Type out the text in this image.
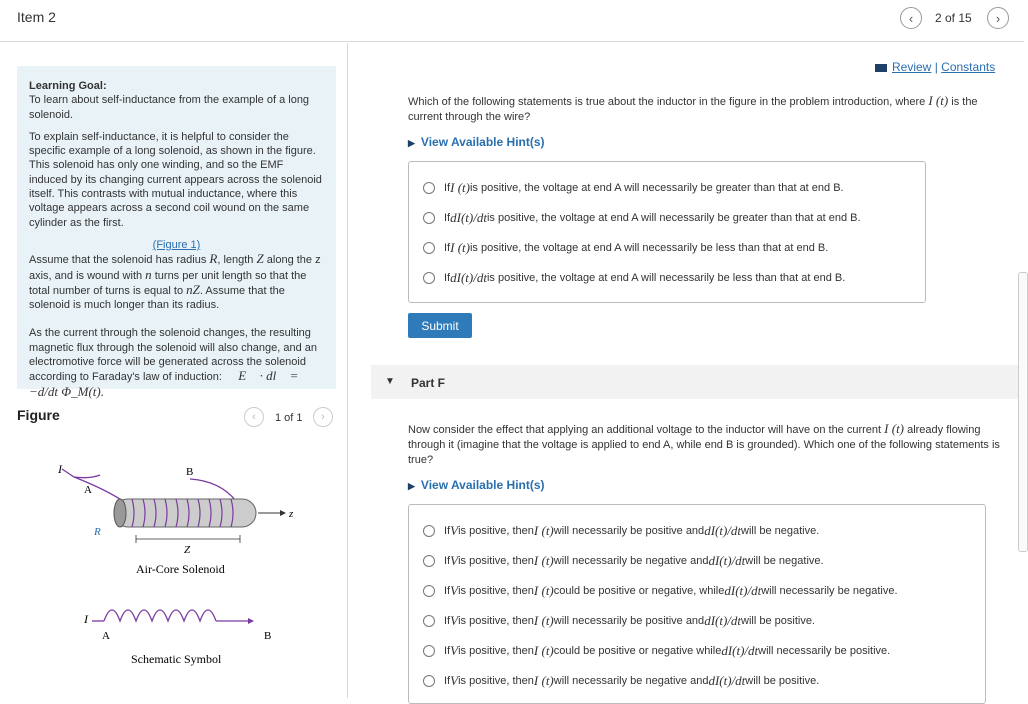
Item 2	‹ 2 of 15 ›

Learning Goal:
To learn about self-inductance from the example of a long solenoid.

To explain self-inductance, it is helpful to consider the specific example of a long solenoid, as shown in the figure. This solenoid has only one winding, and so the EMF induced by its changing current appears across the solenoid itself. This contrasts with mutual inductance, where this voltage appears across a second coil wound on the same cylinder as the first.

(Figure 1)

Assume that the solenoid has radius R, length Z along the z axis, and is wound with n turns per unit length so that the total number of turns is equal to nZ. Assume that the solenoid is much longer than its radius.

As the current through the solenoid changes, the resulting magnetic flux through the solenoid will also change, and an electromotive force will be generated across the solenoid according to Faraday's law of induction: ∮ E⃗ · dl⃗ = −d/dt Φ_M(t).

Figure	‹ 1 of 1 ›
I
A
B
z
R
Z
Air-Core Solenoid
I
A	B
Schematic Symbol
Review | Constants
Which of the following statements is true about the inductor in the figure in the problem introduction, where I (t) is the current through the wire?
▶ View Available Hint(s)
If I (t) is positive, the voltage at end A will necessarily be greater than that at end B.
If dI(t)/dt is positive, the voltage at end A will necessarily be greater than that at end B.
If I (t) is positive, the voltage at end A will necessarily be less than that at end B.
If dI(t)/dt is positive, the voltage at end A will necessarily be less than that at end B.
Submit
▼ Part F
Now consider the effect that applying an additional voltage to the inductor will have on the current I (t) already flowing through it (imagine that the voltage is applied to end A, while end B is grounded). Which one of the following statements is true?
▶ View Available Hint(s)
If V is positive, then I (t) will necessarily be positive and dI(t)/dt will be negative.
If V is positive, then I (t) will necessarily be negative and dI(t)/dt will be negative.
If V is positive, then I (t) could be positive or negative, while dI(t)/dt will necessarily be negative.
If V is positive, then I (t) will necessarily be positive and dI(t)/dt will be positive.
If V is positive, then I (t) could be positive or negative while dI(t)/dt will necessarily be positive.
If V is positive, then I (t) will necessarily be negative and dI(t)/dt will be positive.
